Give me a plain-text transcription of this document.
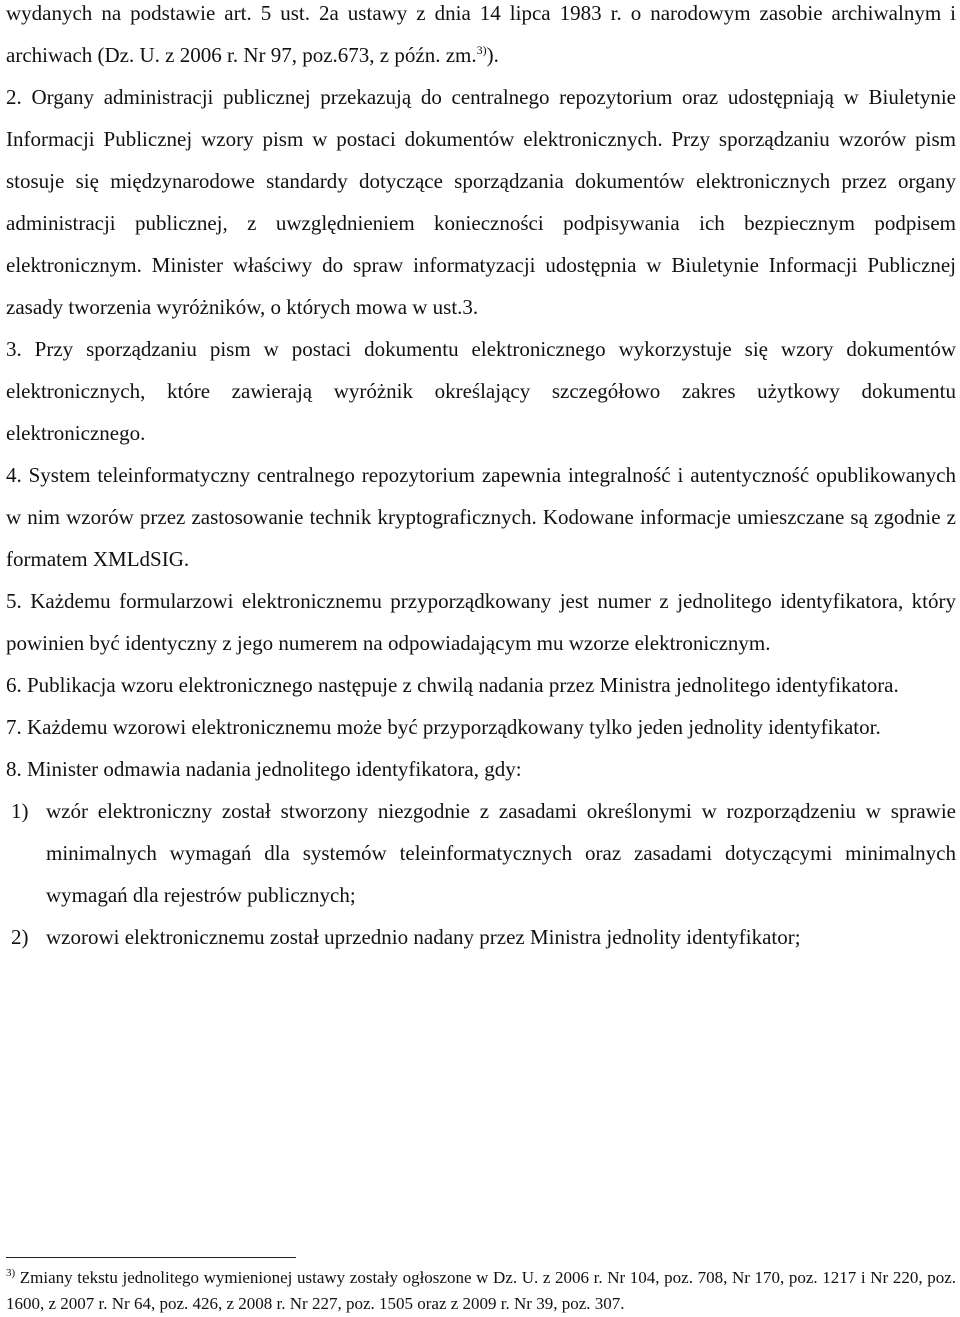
wydanych na podstawie art. 5 ust. 2a ustawy z dnia 14 lipca 1983 r. o narodowym zasobie archiwalnym i archiwach (Dz. U. z 2006 r. Nr 97, poz.673, z późn. zm.$^{3)}$).

2. Organy administracji publicznej przekazują do centralnego repozytorium oraz udostępniają w Biuletynie Informacji Publicznej wzory pism w postaci dokumentów elektronicznych. Przy sporządzaniu wzorów pism stosuje się międzynarodowe standardy dotyczące sporządzania dokumentów elektronicznych przez organy administracji publicznej, z uwzględnieniem konieczności podpisywania ich bezpiecznym podpisem elektronicznym. Minister właściwy do spraw informatyzacji udostępnia w Biuletynie Informacji Publicznej zasady tworzenia wyróżników, o których mowa w ust.3.

3. Przy sporządzaniu pism w postaci dokumentu elektronicznego wykorzystuje się wzory dokumentów elektronicznych, które zawierają wyróżnik określający szczegółowo zakres użytkowy dokumentu elektronicznego.

4. System teleinformatyczny centralnego repozytorium zapewnia integralność i autentyczność opublikowanych w nim wzorów przez zastosowanie technik kryptograficznych. Kodowane informacje umieszczane są zgodnie z formatem XMLdSIG.

5. Każdemu formularzowi elektronicznemu przyporządkowany jest numer z jednolitego identyfikatora, który powinien być identyczny z jego numerem na odpowiadającym mu wzorze elektronicznym.

6. Publikacja wzoru elektronicznego następuje z chwilą nadania przez Ministra jednolitego identyfikatora.

7. Każdemu wzorowi elektronicznemu może być przyporządkowany tylko jeden jednolity identyfikator.

8. Minister odmawia nadania jednolitego identyfikatora, gdy:

1) wzór elektroniczny został stworzony niezgodnie z zasadami określonymi w rozporządzeniu w sprawie minimalnych wymagań dla systemów teleinformatycznych oraz zasadami dotyczącymi minimalnych wymagań dla rejestrów publicznych;
2) wzorowi elektronicznemu został uprzednio nadany przez Ministra jednolity identyfikator;

$^{3)}$ Zmiany tekstu jednolitego wymienionej ustawy zostały ogłoszone w Dz. U. z 2006 r. Nr 104, poz. 708, Nr 170, poz. 1217 i Nr 220, poz. 1600, z 2007 r. Nr 64, poz. 426, z 2008 r. Nr 227, poz. 1505 oraz z 2009 r. Nr 39, poz. 307.
